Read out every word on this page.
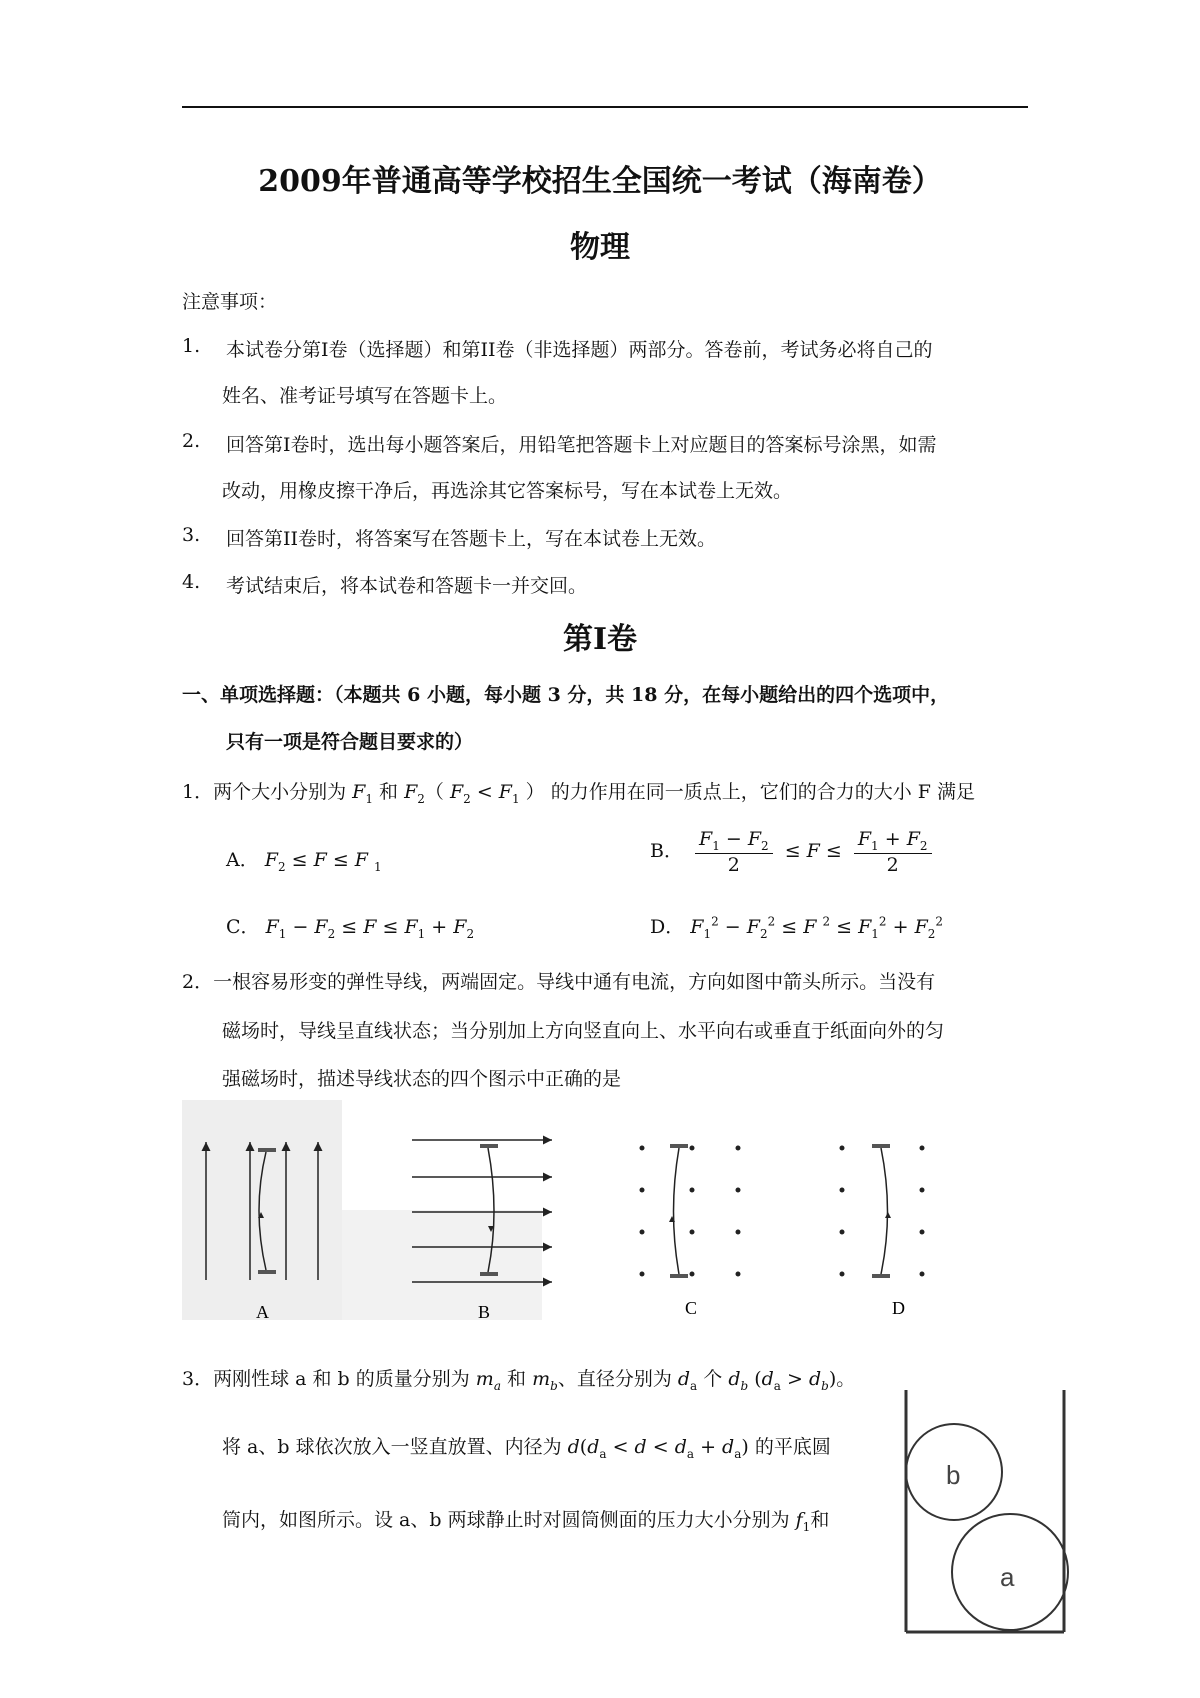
2009年普通高等学校招生全国统一考试（海南卷）
物理
注意事项：
1. 本试卷分第I卷（选择题）和第II卷（非选择题）两部分。答卷前，考试务必将自己的
姓名、准考证号填写在答题卡上。
2. 回答第I卷时，选出每小题答案后，用铅笔把答题卡上对应题目的答案标号涂黑，如需
改动，用橡皮擦干净后，再选涂其它答案标号，写在本试卷上无效。
3. 回答第II卷时，将答案写在答题卡上，写在本试卷上无效。
4. 考试结束后，将本试卷和答题卡一并交回。
第I卷
一、单项选择题：（本题共 6 小题，每小题 3 分，共 18 分，在每小题给出的四个选项中，
只有一项是符合题目要求的）
1．两个大小分别为 $F_1$ 和 $F_2$（ $F_2 < F_1$ ） 的力作用在同一质点上，它们的合力的大小 F 满足
A． $F_2 \le F \le F$ $_1$
B． $\frac{F_1 - F_2}{2} \le F \le \frac{F_1 + F_2}{2}$
C． $F_1 - F_2 \le F \le F_1 + F_2$	D． $F_1^2 - F_2^2 \le F$ $^2 \le F_1^2 + F_2^2$
2．一根容易形变的弹性导线，两端固定。导线中通有电流，方向如图中箭头所示。当没有
磁场时，导线呈直线状态；当分别加上方向竖直向上、水平向右或垂直于纸面向外的匀
强磁场时，描述导线状态的四个图示中正确的是
A	B	C	D
3．两刚性球 a 和 b 的质量分别为 $m_a$ 和 $m_b$、直径分别为 $d_a$ 个 $d_b$ $(d_a > d_b)$。
将 a、b 球依次放入一竖直放置、内径为 $d(d_a < d < d_a + d_a)$ 的平底圆
筒内，如图所示。设 a、b 两球静止时对圆筒侧面的压力大小分别为 $f_1$和
b
a
